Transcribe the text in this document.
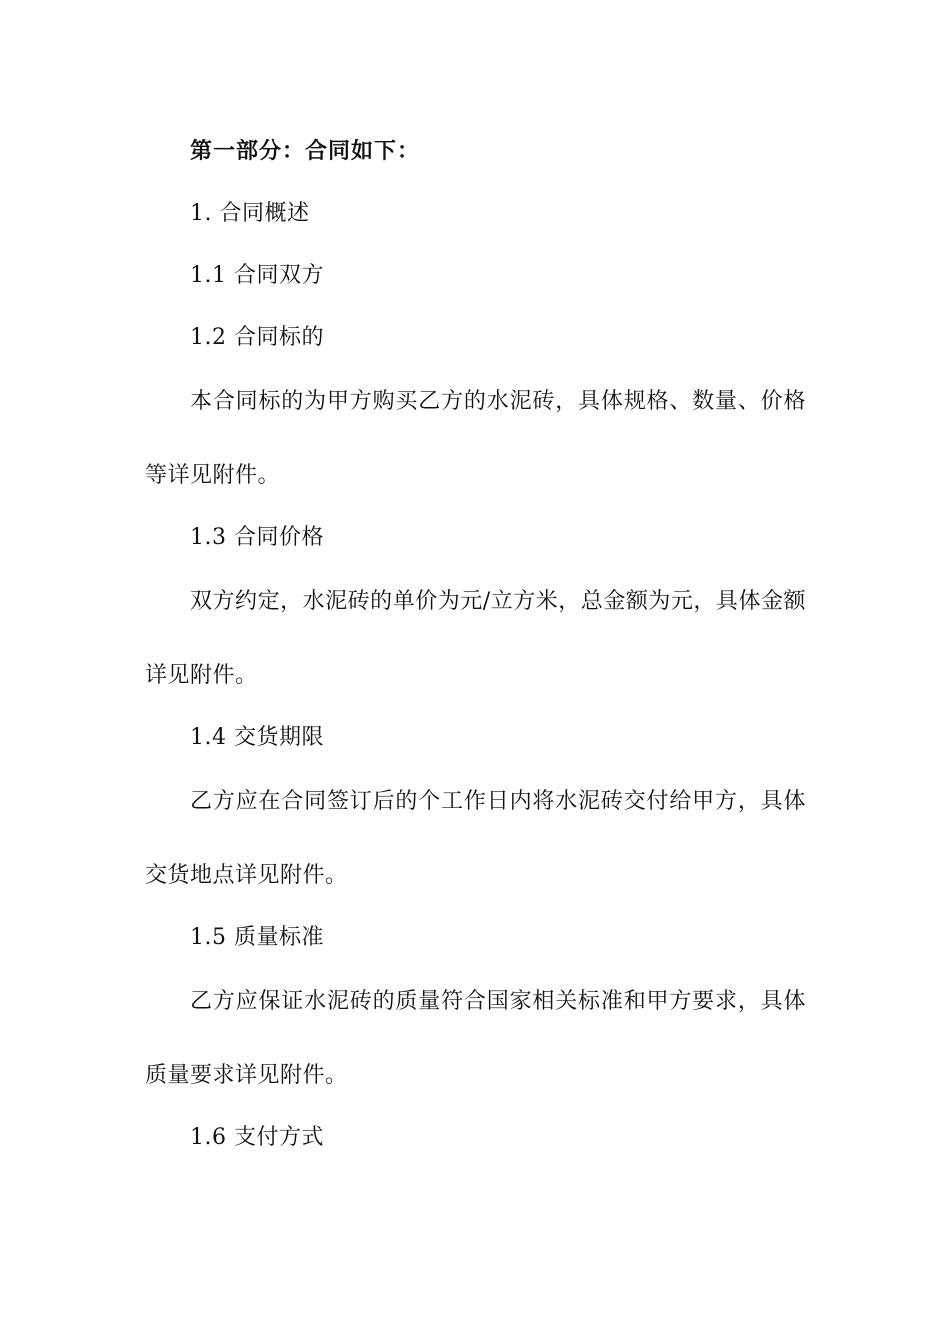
第一部分：合同如下：
1. 合同概述
1.1 合同双方
1.2 合同标的
本合同标的为甲方购买乙方的水泥砖，具体规格、数量、价格
等详见附件。
1.3 合同价格
双方约定，水泥砖的单价为元/立方米，总金额为元，具体金额
详见附件。
1.4 交货期限
乙方应在合同签订后的个工作日内将水泥砖交付给甲方，具体
交货地点详见附件。
1.5 质量标准
乙方应保证水泥砖的质量符合国家相关标准和甲方要求，具体
质量要求详见附件。
1.6 支付方式
